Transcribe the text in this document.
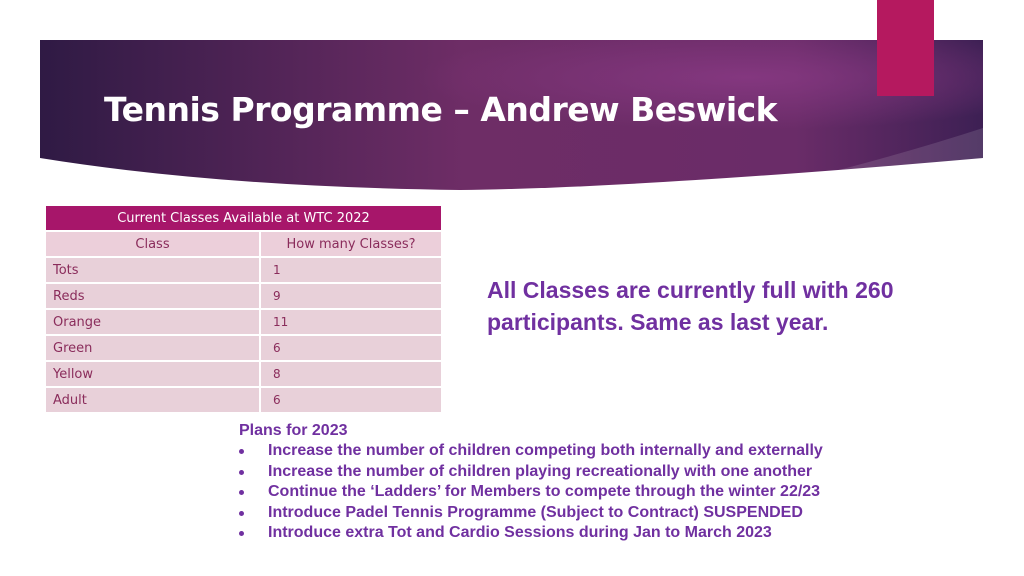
Tennis Programme – Andrew Beswick
Current Classes Available at WTC 2022	
Class	How many Classes?
Tots	1
Reds	9
Orange	11
Green	6
Yellow	8
Adult	6
All Classes are currently full with 260 participants. Same as last year.
Plans for 2023
Increase the number of children competing both internally and externally
Increase the number of children playing recreationally with one another
Continue the ‘Ladders’ for Members to compete through the winter 22/23
Introduce Padel Tennis Programme (Subject to Contract) SUSPENDED
Introduce extra Tot and Cardio Sessions during Jan to March 2023
